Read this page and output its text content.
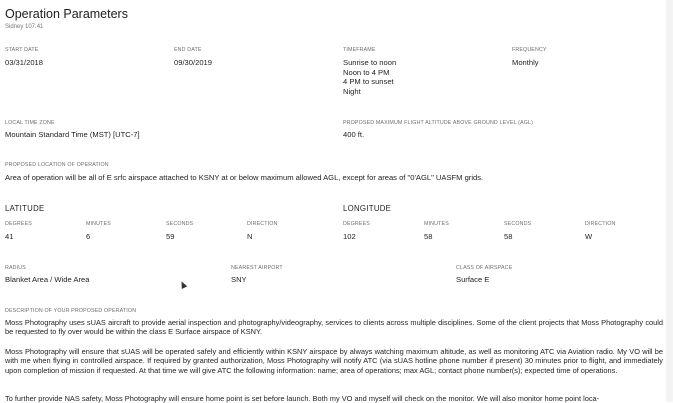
Operation Parameters
Sidney 107.41
START DATE
03/31/2018
END DATE
09/30/2019
TIMEFRAME
Sunrise to noon
Noon to 4 PM
4 PM to sunset
Night
FREQUENCY
Monthly
LOCAL TIME ZONE
Mountain Standard Time (MST) [UTC-7]
PROPOSED MAXIMUM FLIGHT ALTITUDE ABOVE GROUND LEVEL (AGL)
400 ft.
PROPOSED LOCATION OF OPERATION
Area of operation will be all of E srfc airspace attached to KSNY at or below maximum allowed AGL, except for areas of "0'AGL" UASFM grids.
LATITUDE
DEGREES
41
MINUTES
6
SECONDS
59
DIRECTION
N
LONGITUDE
DEGREES
102
MINUTES
58
SECONDS
58
DIRECTION
W
RADIUS
Blanket Area / Wide Area
NEAREST AIRPORT
SNY
CLASS OF AIRSPACE
Surface E
DESCRIPTION OF YOUR PROPOSED OPERATION
Moss Photography uses sUAS aircraft to provide aerial inspection and photography/videography, services to clients across multiple disciplines. Some of the client projects that Moss Photography could be requested to fly over would be within the class E Surface airspace of KSNY.
Moss Photography will ensure that sUAS will be operated safely and efficiently within KSNY airspace by always watching maximum altitude, as well as monitoring ATC via Aviation radio. My VO will be with me when flying in controlled airspace. If required by granted authorization, Moss Photography will notify ATC (via sUAS hotline phone number if present) 30 minutes prior to flight, and immediately upon completion of mission if requested. At that time we will give ATC the following information: name; area of operations; max AGL; contact phone number(s); expected time of operations.
To further provide NAS safety, Moss Photography will ensure home point is set before launch. Both my VO and myself will check on the monitor. We will also monitor home point loca-
